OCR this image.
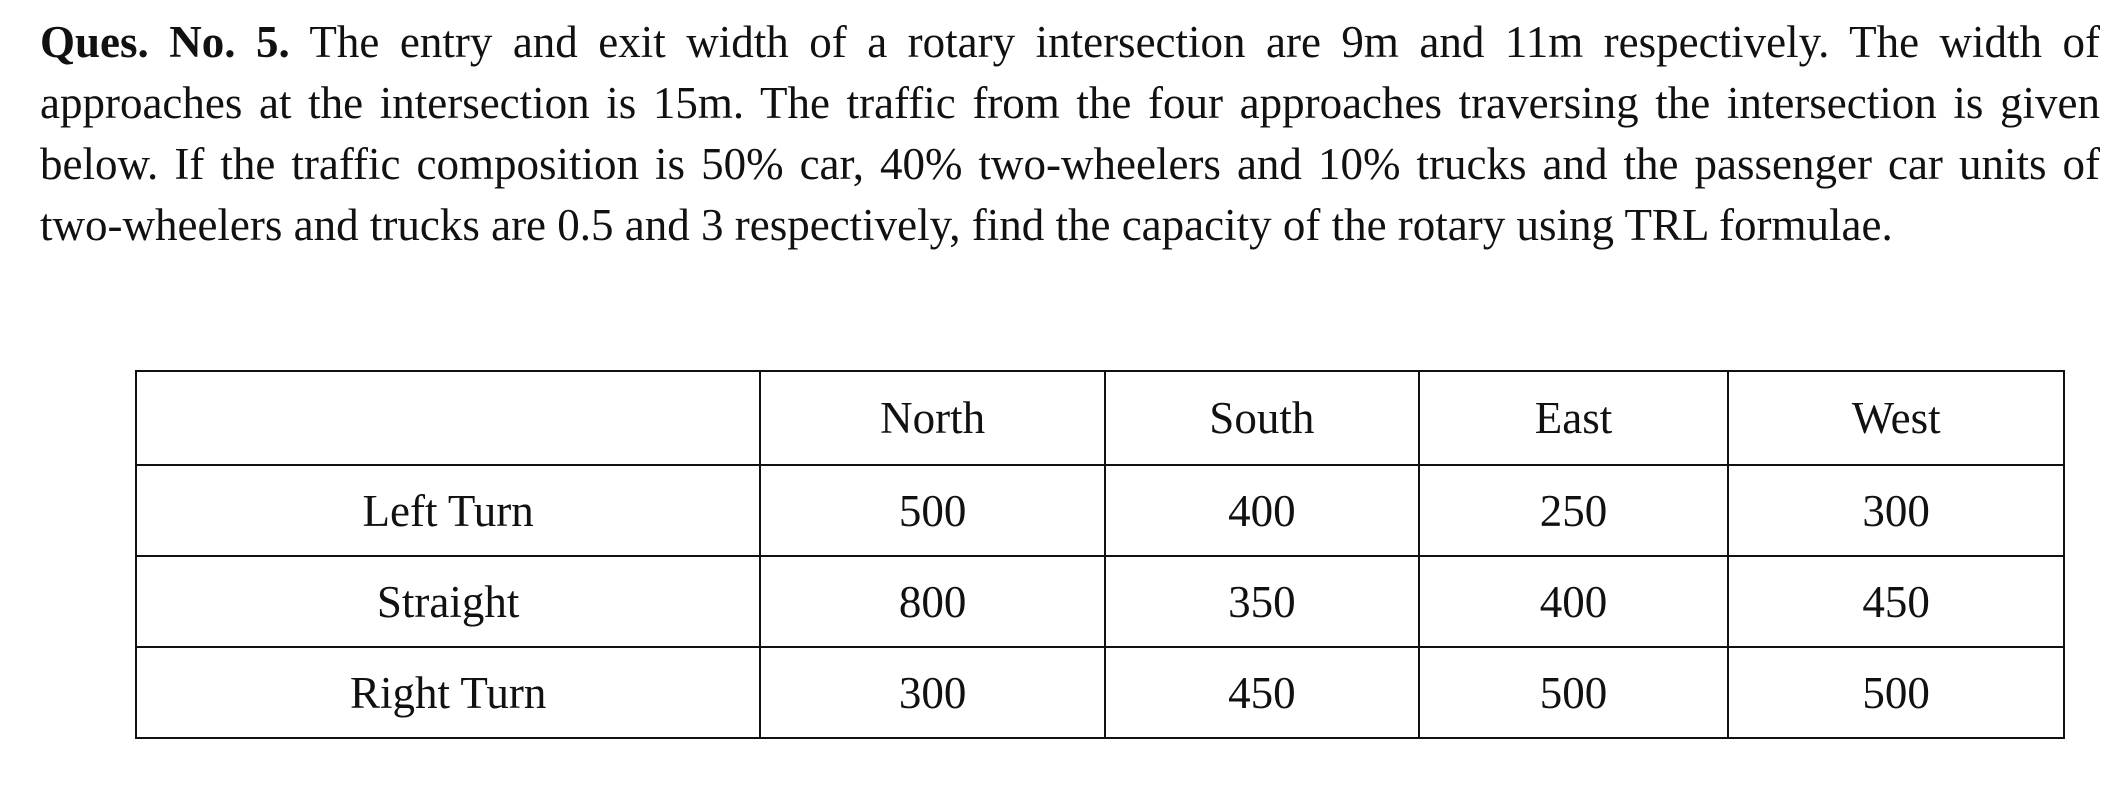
Ques. No. 5. The entry and exit width of a rotary intersection are 9m and 11m respectively. The width of approaches at the intersection is 15m. The traffic from the four approaches traversing the intersection is given below. If the traffic composition is 50% car, 40% two-wheelers and 10% trucks and the passenger car units of two-wheelers and trucks are 0.5 and 3 respectively, find the capacity of the rotary using TRL formulae.
	North	South	East	West
Left Turn	500	400	250	300
Straight	800	350	400	450
Right Turn	300	450	500	500
